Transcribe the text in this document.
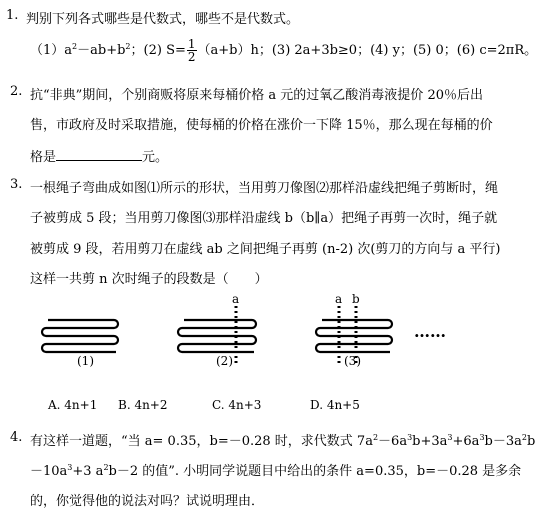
1. 判别下列各式哪些是代数式，哪些不是代数式。
$(1)a^2-ab+b^2$；(2) $S= \frac{1}{2} (a+b)h$；(3) 2a+3b≥0；(4) y；(5) 0；(6) c=2πR。
2. 抗“非典”期间，个别商贩将原来每桶价格 a 元的过氧乙酸消毒液提价 20％后出
售，市政府及时采取措施，使每桶的价格在涨价一下降 15％，那么现在每桶的价
格是	元。
3. 一根绳子弯曲成如图⑴所示的形状，当用剪刀像图⑵那样沿虚线把绳子剪断时，绳
子被剪成 5 段；当用剪刀像图⑶那样沿虚线 b（b∥a）把绳子再剪一次时，绳子就
被剪成 9 段，若用剪刀在虚线 ab 之间把绳子再剪 (n-2) 次(剪刀的方向与 a 平行)
这样一共剪 n 次时绳子的段数是（　　）
(1)	(2)	(3)
a	a b
……
A. 4n+1 B. 4n+2	C. 4n+3	D. 4n+5
4. 有这样一道题，“当 a= 0.35，b=－0.28 时，求代数式 $7a^2-6a^3b+3a^3+6a^3b-3a^2b$
$-10a^3+3$ $a^2b-2$ 的值”. 小明同学说题目中给出的条件 a=0.35，b=－0.28 是多余
的，你觉得他的说法对吗？试说明理由．
